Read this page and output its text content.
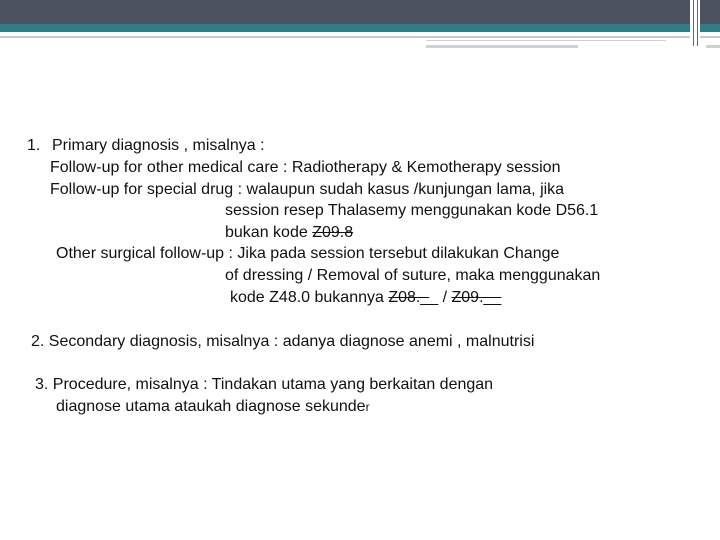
1. Primary diagnosis , misalnya :
Follow-up for other medical care : Radiotherapy & Kemotherapy session
Follow-up for special drug : walaupun sudah kasus /kunjungan lama, jika
session resep Thalasemy menggunakan kode D56.1
bukan kode Z09.8
Other surgical follow-up : Jika pada session tersebut dilakukan Change
of dressing / Removal of suture, maka menggunakan
kode Z48.0 bukannya Z08.__ / Z09.__
2. Secondary diagnosis, misalnya : adanya diagnose anemi , malnutrisi
3. Procedure, misalnya : Tindakan utama yang berkaitan dengan
diagnose utama ataukah diagnose sekunder
